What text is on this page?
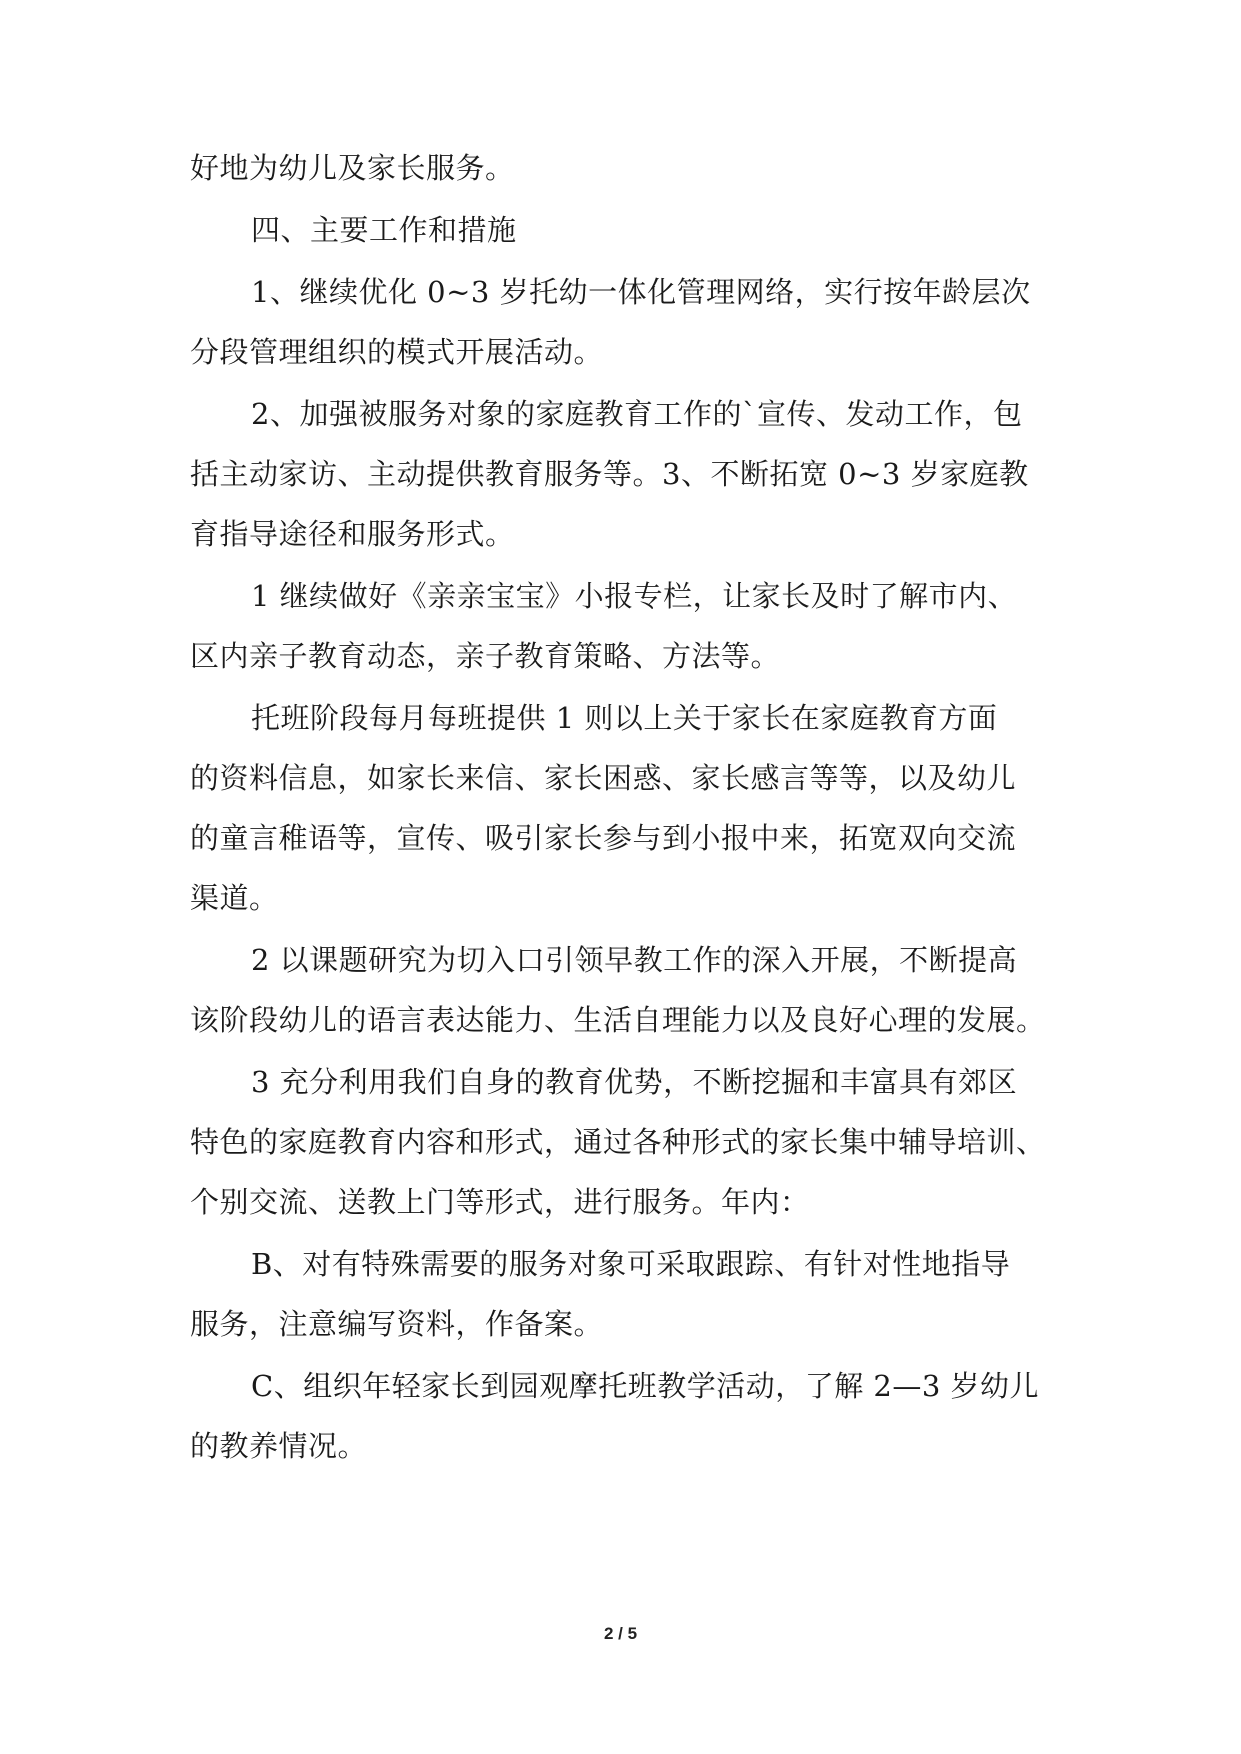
好地为幼儿及家长服务。
四、主要工作和措施
1、继续优化 0~3 岁托幼一体化管理网络，实行按年龄层次
分段管理组织的模式开展活动。
2、加强被服务对象的家庭教育工作的`宣传、发动工作，包
括主动家访、主动提供教育服务等。3、不断拓宽 0~3 岁家庭教
育指导途径和服务形式。
1 继续做好《亲亲宝宝》小报专栏，让家长及时了解市内、
区内亲子教育动态，亲子教育策略、方法等。
托班阶段每月每班提供 1 则以上关于家长在家庭教育方面
的资料信息，如家长来信、家长困惑、家长感言等等，以及幼儿
的童言稚语等，宣传、吸引家长参与到小报中来，拓宽双向交流
渠道。
2 以课题研究为切入口引领早教工作的深入开展，不断提高
该阶段幼儿的语言表达能力、生活自理能力以及良好心理的发展。
3 充分利用我们自身的教育优势，不断挖掘和丰富具有郊区
特色的家庭教育内容和形式，通过各种形式的家长集中辅导培训、
个别交流、送教上门等形式，进行服务。年内：
B、对有特殊需要的服务对象可采取跟踪、有针对性地指导
服务，注意编写资料，作备案。
C、组织年轻家长到园观摩托班教学活动，了解 2—3 岁幼儿
的教养情况。
2 / 5
